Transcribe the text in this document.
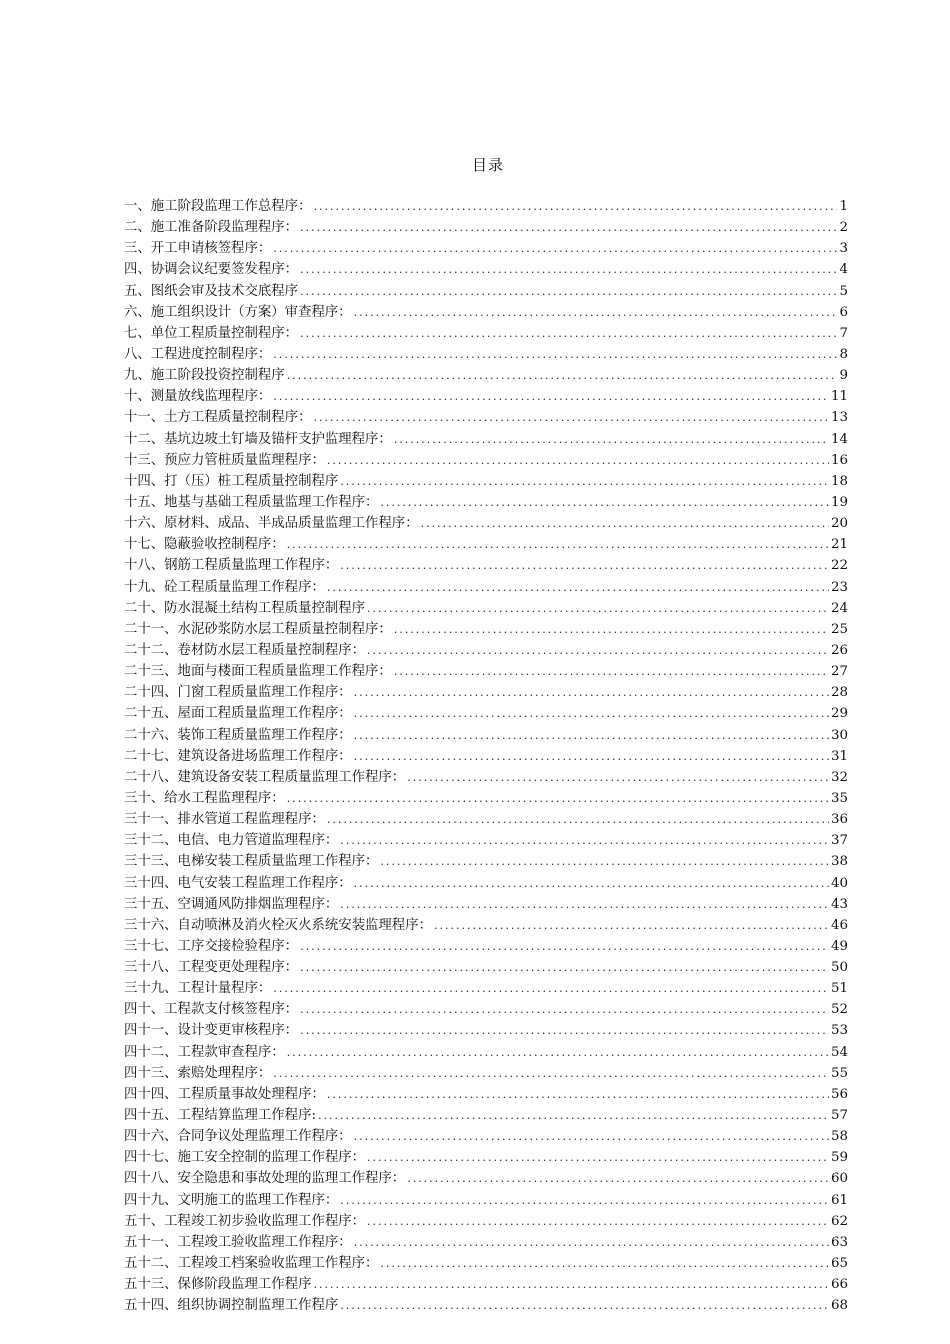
目录
一、施工阶段监理工作总程序： .....	1
二、施工准备阶段监理程序： .....	2
三、开工申请核签程序： .....	3
四、协调会议纪要签发程序： .....	4
五、图纸会审及技术交底程序 .....	5
六、施工组织设计（方案）审查程序： .....	6
七、单位工程质量控制程序： .....	7
八、工程进度控制程序： .....	8
九、施工阶段投资控制程序 .....	9
十、测量放线监理程序： .....	11
十一、土方工程质量控制程序： .....	13
十二、基坑边坡土钉墙及锚杆支护监理程序： .....	14
十三、预应力管桩质量监理程序： .....	16
十四、打（压）桩工程质量控制程序 .....	18
十五、地基与基础工程质量监理工作程序： .....	19
十六、原材料、成品、半成品质量监理工作程序： .....	20
十七、隐蔽验收控制程序： .....	21
十八、钢筋工程质量监理工作程序： .....	22
十九、砼工程质量监理工作程序： .....	23
二十、防水混凝土结构工程质量控制程序 .....	24
二十一、水泥砂浆防水层工程质量控制程序： .....	25
二十二、卷材防水层工程质量控制程序： .....	26
二十三、地面与楼面工程质量监理工作程序： .....	27
二十四、门窗工程质量监理工作程序： .....	28
二十五、屋面工程质量监理工作程序： .....	29
二十六、装饰工程质量监理工作程序： .....	30
二十七、建筑设备进场监理工作程序： .....	31
二十八、建筑设备安装工程质量监理工作程序： .....	32
三十、给水工程监理程序： .....	35
三十一、排水管道工程监理程序： .....	36
三十二、电信、电力管道监理程序： .....	37
三十三、电梯安装工程质量监理工作程序： .....	38
三十四、电气安装工程监理工作程序： .....	40
三十五、空调通风防排烟监理程序： .....	43
三十六、自动喷淋及消火栓灭火系统安装监理程序： .....	46
三十七、工序交接检验程序： .....	49
三十八、工程变更处理程序： .....	50
三十九、工程计量程序： .....	51
四十、工程款支付核签程序： .....	52
四十一、设计变更审核程序： .....	53
四十二、工程款审查程序： .....	54
四十三、索赔处理程序： .....	55
四十四、工程质量事故处理程序： .....	56
四十五、工程结算监理工作程序: .....	57
四十六、合同争议处理监理工作程序： .....	58
四十七、施工安全控制的监理工作程序： .....	59
四十八、安全隐患和事故处理的监理工作程序： .....	60
四十九、文明施工的监理工作程序： .....	61
五十、工程竣工初步验收监理工作程序： .....	62
五十一、工程竣工验收监理工作程序： .....	63
五十二、工程竣工档案验收监理工作程序： .....	65
五十三、保修阶段监理工作程序 .....	66
五十四、组织协调控制监理工作程序 .....	68
